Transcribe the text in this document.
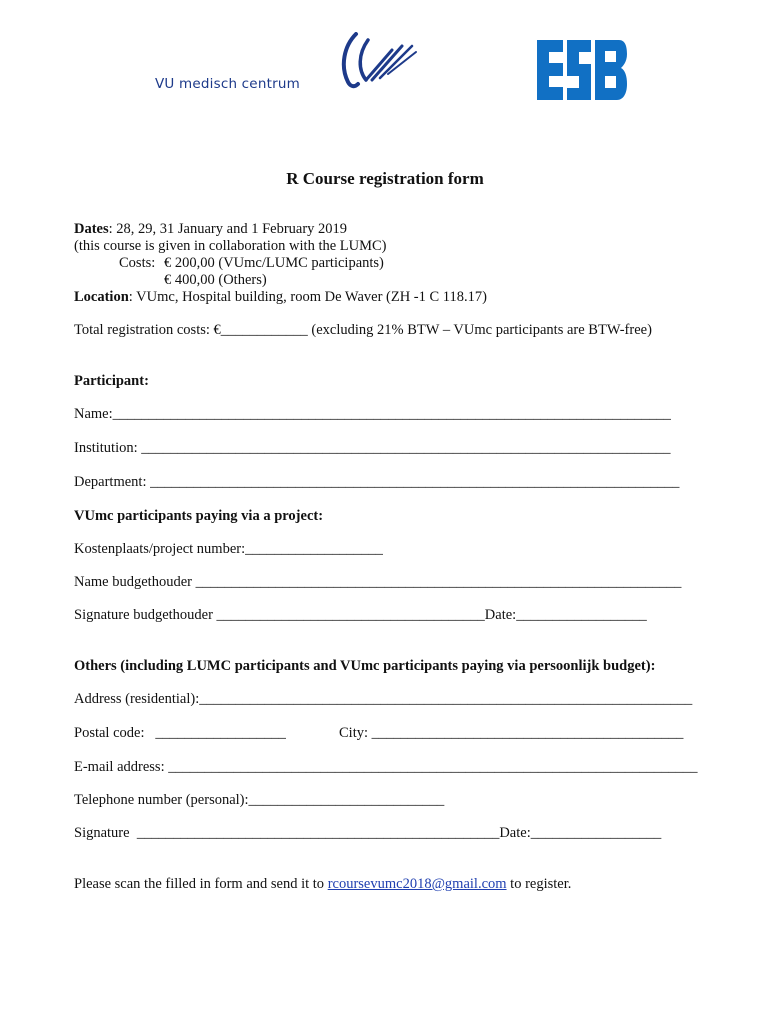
VU medisch centrum
R Course registration form
Dates: 28, 29, 31 January and 1 February 2019
(this course is given in collaboration with the LUMC)
Costs: € 200,00 (VUmc/LUMC participants)
€ 400,00 (Others)
Location: VUmc, Hospital building, room De Waver (ZH -1 C 118.17)
Total registration costs: €____________ (excluding 21% BTW – VUmc participants are BTW-free)
Participant:
Name:_____________________________________________________________________________
Institution: _________________________________________________________________________
Department: _________________________________________________________________________
VUmc participants paying via a project:
Kostenplaats/project number:___________________
Name budgethouder ___________________________________________________________________
Signature budgethouder _____________________________________Date:__________________
Others (including LUMC participants and VUmc participants paying via persoonlijk budget):
Address (residential):____________________________________________________________________
Postal code:   __________________	City: ___________________________________________
E-mail address: _________________________________________________________________________
Telephone number (personal):___________________________
Signature  __________________________________________________Date:__________________
Please scan the filled in form and send it to rcoursevumc2018@gmail.com to register.
